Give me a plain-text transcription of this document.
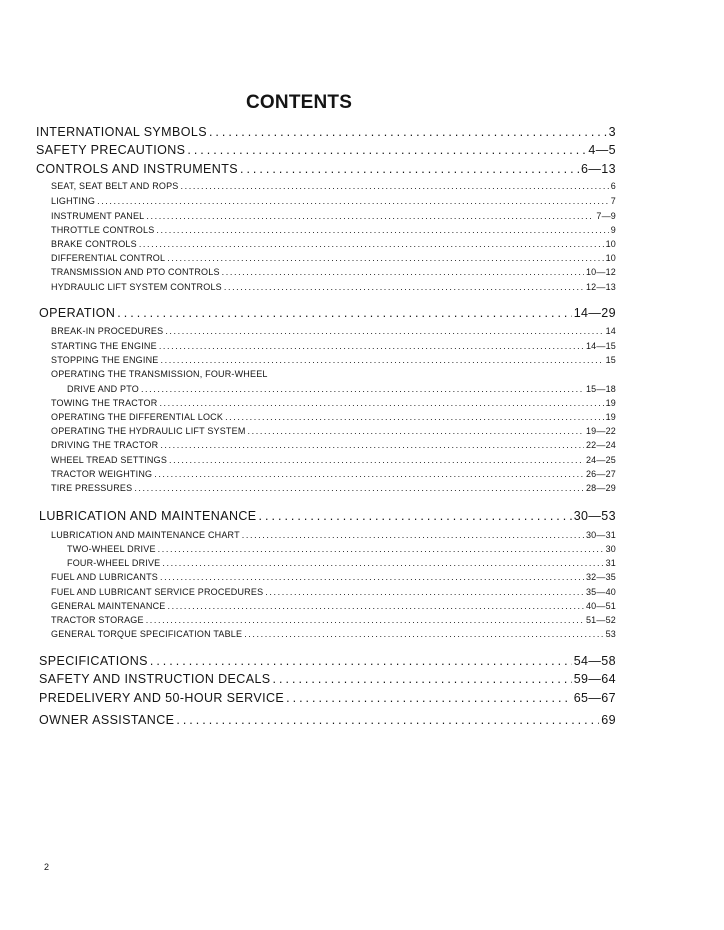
CONTENTS
INTERNATIONAL SYMBOLS .....	3
SAFETY PRECAUTIONS .....	4—5
CONTROLS AND INSTRUMENTS .....	6—13
SEAT, SEAT BELT AND ROPS .....	6
LIGHTING .....	7
INSTRUMENT PANEL .....	7—9
THROTTLE CONTROLS .....	9
BRAKE CONTROLS .....	10
DIFFERENTIAL CONTROL .....	10
TRANSMISSION AND PTO CONTROLS .....	10—12
HYDRAULIC LIFT SYSTEM CONTROLS .....	12—13
OPERATION .....	14—29
BREAK-IN PROCEDURES .....	14
STARTING THE ENGINE .....	14—15
STOPPING THE ENGINE .....	15
OPERATING THE TRANSMISSION, FOUR-WHEEL
DRIVE AND PTO .....	15—18
TOWING THE TRACTOR .....	19
OPERATING THE DIFFERENTIAL LOCK .....	19
OPERATING THE HYDRAULIC LIFT SYSTEM .....	19—22
DRIVING THE TRACTOR .....	22—24
WHEEL TREAD SETTINGS .....	24—25
TRACTOR WEIGHTING .....	26—27
TIRE PRESSURES .....	28—29
LUBRICATION AND MAINTENANCE .....	30—53
LUBRICATION AND MAINTENANCE CHART .....	30—31
TWO-WHEEL DRIVE .....	30
FOUR-WHEEL DRIVE .....	31
FUEL AND LUBRICANTS .....	32—35
FUEL AND LUBRICANT SERVICE PROCEDURES .....	35—40
GENERAL MAINTENANCE .....	40—51
TRACTOR STORAGE .....	51—52
GENERAL TORQUE SPECIFICATION TABLE .....	53
SPECIFICATIONS .....	54—58
SAFETY AND INSTRUCTION DECALS .....	59—64
PREDELIVERY AND 50-HOUR SERVICE .....	65—67
OWNER ASSISTANCE .....	69
2
